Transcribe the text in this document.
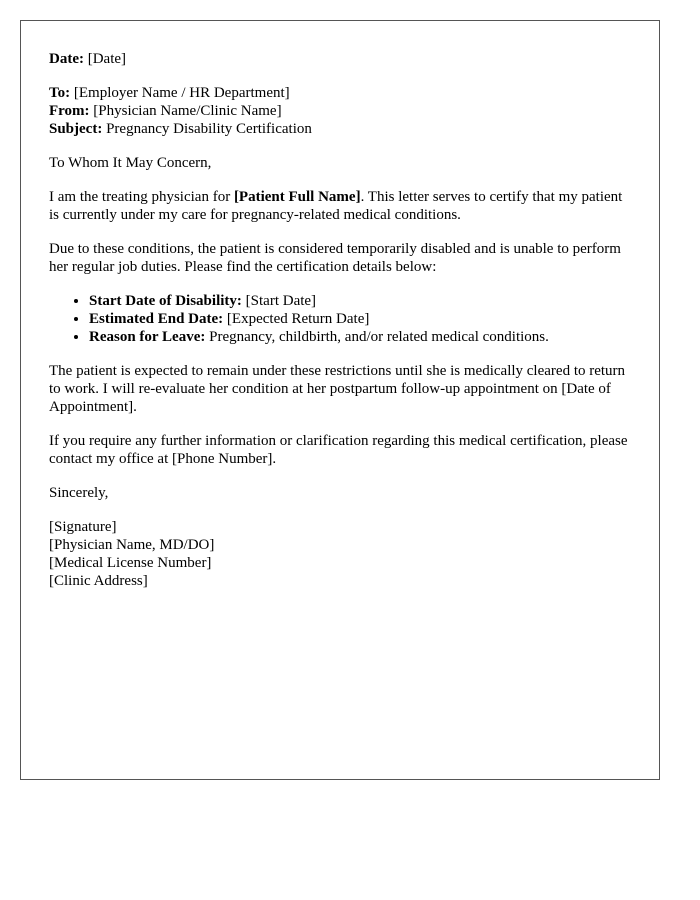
Date: [Date]
To: [Employer Name / HR Department]
From: [Physician Name/Clinic Name]
Subject: Pregnancy Disability Certification

To Whom It May Concern,

I am the treating physician for [Patient Full Name]. This letter serves to certify that my patient is currently under my care for pregnancy-related medical conditions.

Due to these conditions, the patient is considered temporarily disabled and is unable to perform her regular job duties. Please find the certification details below:

• Start Date of Disability: [Start Date]
• Estimated End Date: [Expected Return Date]
• Reason for Leave: Pregnancy, childbirth, and/or related medical conditions.

The patient is expected to remain under these restrictions until she is medically cleared to return to work. I will re-evaluate her condition at her postpartum follow-up appointment on [Date of Appointment].

If you require any further information or clarification regarding this medical certification, please contact my office at [Phone Number].

Sincerely,

[Signature]
[Physician Name, MD/DO]
[Medical License Number]
[Clinic Address]
